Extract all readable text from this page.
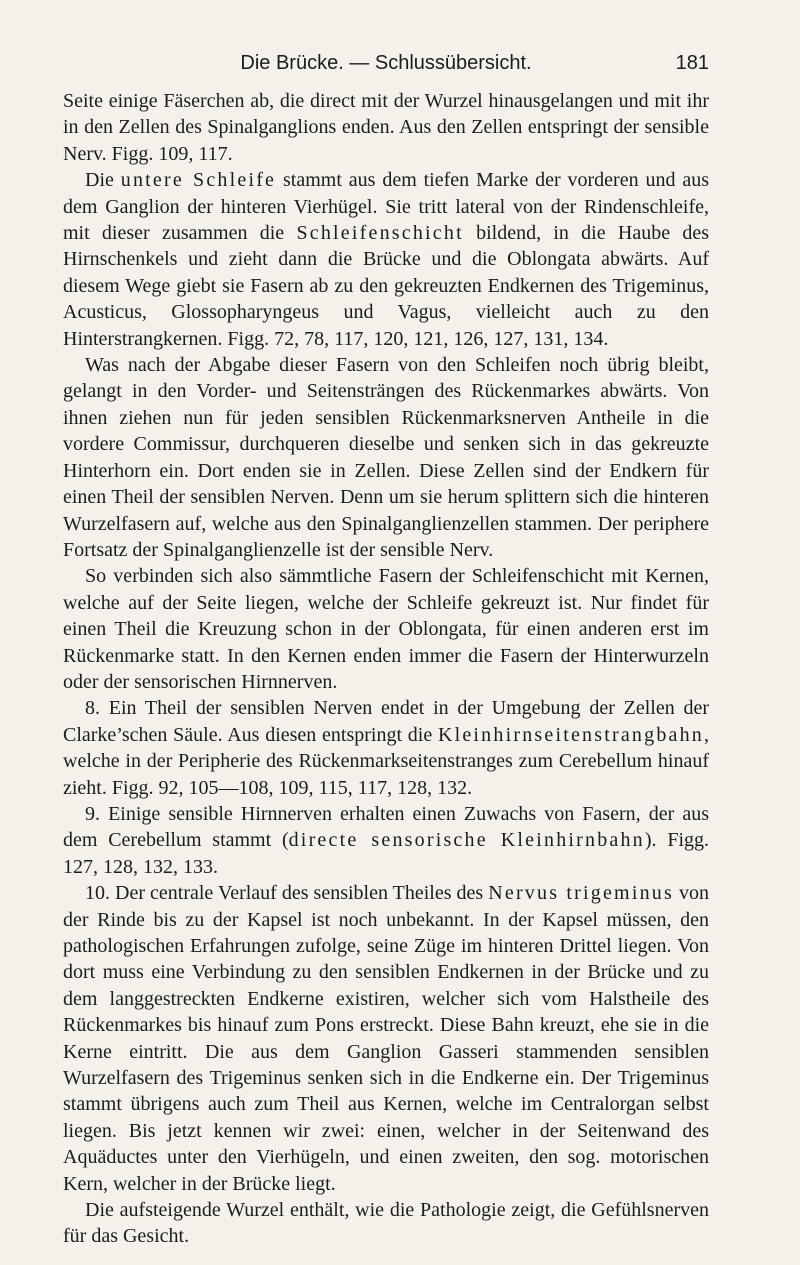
Die Brücke. — Schlussübersicht.	181

Seite einige Fäserchen ab, die direct mit der Wurzel hinausgelangen und mit ihr in den Zellen des Spinalganglions enden. Aus den Zellen entspringt der sensible Nerv. Figg. 109, 117.

Die untere Schleife stammt aus dem tiefen Marke der vorderen und aus dem Ganglion der hinteren Vierhügel. Sie tritt lateral von der Rindenschleife, mit dieser zusammen die Schleifenschicht bildend, in die Haube des Hirnschenkels und zieht dann die Brücke und die Oblongata abwärts. Auf diesem Wege giebt sie Fasern ab zu den gekreuzten Endkernen des Trigeminus, Acusticus, Glossopharyngeus und Vagus, vielleicht auch zu den Hinterstrangkernen. Figg. 72, 78, 117, 120, 121, 126, 127, 131, 134.

Was nach der Abgabe dieser Fasern von den Schleifen noch übrig bleibt, gelangt in den Vorder- und Seitensträngen des Rückenmarkes abwärts. Von ihnen ziehen nun für jeden sensiblen Rückenmarksnerven Antheile in die vordere Commissur, durchqueren dieselbe und senken sich in das gekreuzte Hinterhorn ein. Dort enden sie in Zellen. Diese Zellen sind der Endkern für einen Theil der sensiblen Nerven. Denn um sie herum splittern sich die hinteren Wurzelfasern auf, welche aus den Spinalganglienzellen stammen. Der periphere Fortsatz der Spinalganglienzelle ist der sensible Nerv.

So verbinden sich also sämmtliche Fasern der Schleifenschicht mit Kernen, welche auf der Seite liegen, welche der Schleife gekreuzt ist. Nur findet für einen Theil die Kreuzung schon in der Oblongata, für einen anderen erst im Rückenmarke statt. In den Kernen enden immer die Fasern der Hinterwurzeln oder der sensorischen Hirnnerven.

8. Ein Theil der sensiblen Nerven endet in der Umgebung der Zellen der Clarke’schen Säule. Aus diesen entspringt die Kleinhirnseitenstrangbahn, welche in der Peripherie des Rückenmarkseitenstranges zum Cerebellum hinauf zieht. Figg. 92, 105—108, 109, 115, 117, 128, 132.

9. Einige sensible Hirnnerven erhalten einen Zuwachs von Fasern, der aus dem Cerebellum stammt (directe sensorische Kleinhirnbahn). Figg. 127, 128, 132, 133.

10. Der centrale Verlauf des sensiblen Theiles des Nervus trigeminus von der Rinde bis zu der Kapsel ist noch unbekannt. In der Kapsel müssen, den pathologischen Erfahrungen zufolge, seine Züge im hinteren Drittel liegen. Von dort muss eine Verbindung zu den sensiblen Endkernen in der Brücke und zu dem langgestreckten Endkerne existiren, welcher sich vom Halstheile des Rückenmarkes bis hinauf zum Pons erstreckt. Diese Bahn kreuzt, ehe sie in die Kerne eintritt. Die aus dem Ganglion Gasseri stammenden sensiblen Wurzelfasern des Trigeminus senken sich in die Endkerne ein. Der Trigeminus stammt übrigens auch zum Theil aus Kernen, welche im Centralorgan selbst liegen. Bis jetzt kennen wir zwei: einen, welcher in der Seitenwand des Aquäductes unter den Vierhügeln, und einen zweiten, den sog. motorischen Kern, welcher in der Brücke liegt.

Die aufsteigende Wurzel enthält, wie die Pathologie zeigt, die Gefühlsnerven für das Gesicht.
